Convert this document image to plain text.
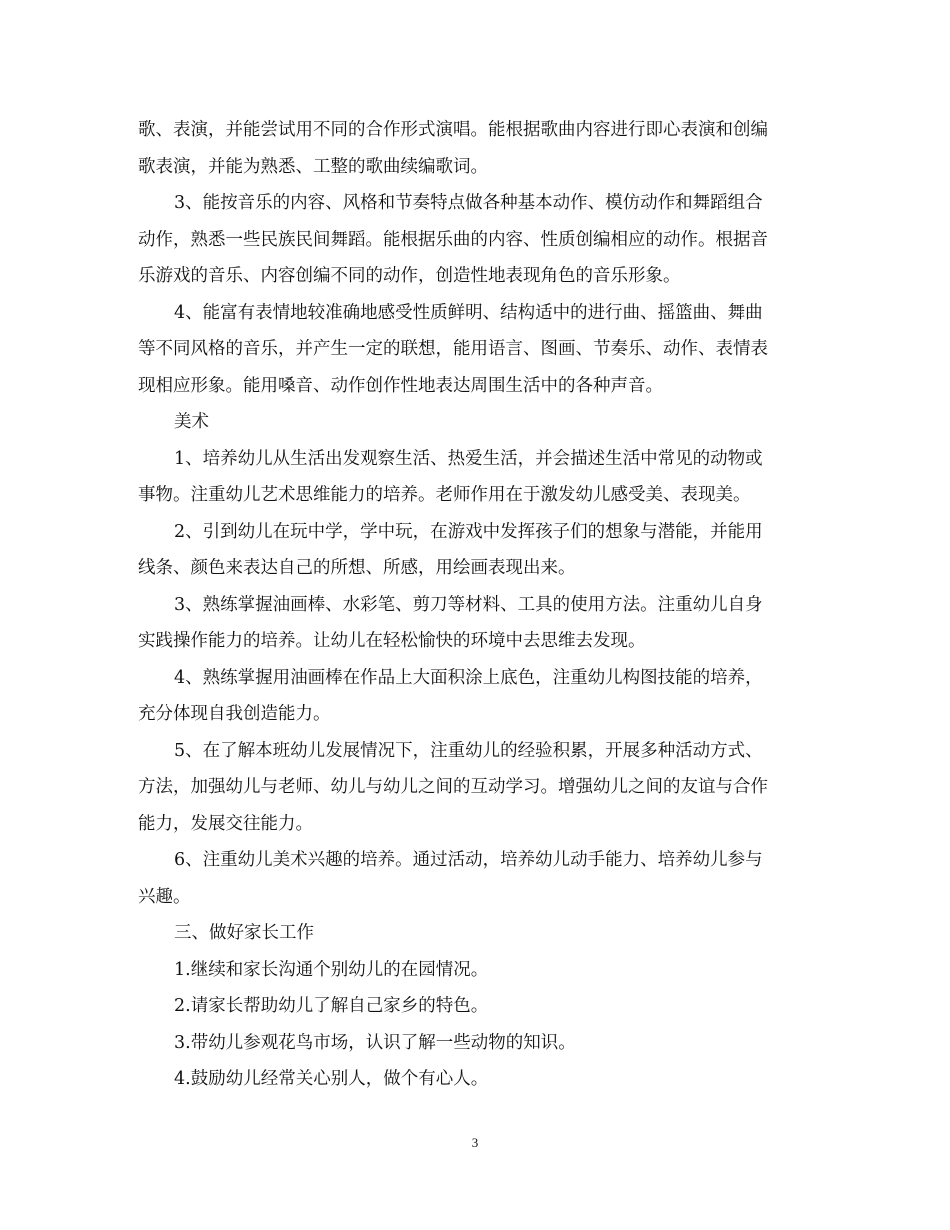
歌、表演，并能尝试用不同的合作形式演唱。能根据歌曲内容进行即心表演和创编
歌表演，并能为熟悉、工整的歌曲续编歌词。
3、能按音乐的内容、风格和节奏特点做各种基本动作、模仿动作和舞蹈组合
动作，熟悉一些民族民间舞蹈。能根据乐曲的内容、性质创编相应的动作。根据音
乐游戏的音乐、内容创编不同的动作，创造性地表现角色的音乐形象。
4、能富有表情地较准确地感受性质鲜明、结构适中的进行曲、摇篮曲、舞曲
等不同风格的音乐，并产生一定的联想，能用语言、图画、节奏乐、动作、表情表
现相应形象。能用嗓音、动作创作性地表达周围生活中的各种声音。
美术
1、培养幼儿从生活出发观察生活、热爱生活，并会描述生活中常见的动物或
事物。注重幼儿艺术思维能力的培养。老师作用在于激发幼儿感受美、表现美。
2、引到幼儿在玩中学，学中玩，在游戏中发挥孩子们的想象与潜能，并能用
线条、颜色来表达自己的所想、所感，用绘画表现出来。
3、熟练掌握油画棒、水彩笔、剪刀等材料、工具的使用方法。注重幼儿自身
实践操作能力的培养。让幼儿在轻松愉快的环境中去思维去发现。
4、熟练掌握用油画棒在作品上大面积涂上底色，注重幼儿构图技能的培养，
充分体现自我创造能力。
5、在了解本班幼儿发展情况下，注重幼儿的经验积累，开展多种活动方式、
方法，加强幼儿与老师、幼儿与幼儿之间的互动学习。增强幼儿之间的友谊与合作
能力，发展交往能力。
6、注重幼儿美术兴趣的培养。通过活动，培养幼儿动手能力、培养幼儿参与
兴趣。
三、做好家长工作
1.继续和家长沟通个别幼儿的在园情况。
2.请家长帮助幼儿了解自己家乡的特色。
3.带幼儿参观花鸟市场，认识了解一些动物的知识。
4.鼓励幼儿经常关心别人，做个有心人。
3
